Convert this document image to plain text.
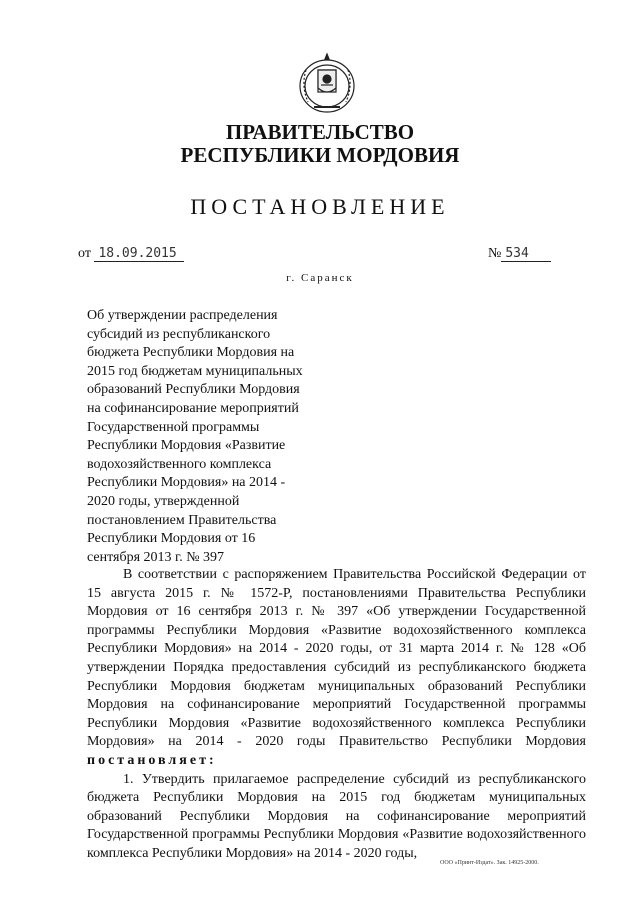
ПРАВИТЕЛЬСТВО
РЕСПУБЛИКИ МОРДОВИЯ
ПОСТАНОВЛЕНИЕ
от 18.09.2015	№ 534
г. Саранск
Об утверждении распределения
субсидий из республиканского
бюджета Республики Мордовия на
2015 год бюджетам муниципальных
образований Республики Мордовия
на софинансирование мероприятий
Государственной программы
Республики Мордовия «Развитие
водохозяйственного комплекса
Республики Мордовия» на 2014 -
2020 годы, утвержденной
постановлением Правительства
Республики Мордовия от 16
сентября 2013 г. № 397
В соответствии с распоряжением Правительства Российской Федерации от 15 августа 2015 г. № 1572-Р, постановлениями Правительства Республики Мордовия от 16 сентября 2013 г. № 397 «Об утверждении Государственной программы Республики Мордовия «Развитие водохозяйственного комплекса Республики Мордовия» на 2014 - 2020 годы, от 31 марта 2014 г. № 128 «Об утверждении Порядка предоставления субсидий из республиканского бюджета Республики Мордовия бюджетам муниципальных образований Республики Мордовия на софинансирование мероприятий Государственной программы Республики Мордовия «Развитие водохозяйственного комплекса Республики Мордовия» на 2014 - 2020 годы Правительство Республики Мордовия постановляет:
1. Утвердить прилагаемое распределение субсидий из республиканского бюджета Республики Мордовия на 2015 год бюджетам муниципальных образований Республики Мордовия на софинансирование мероприятий Государственной программы Республики Мордовия «Развитие водохозяйственного комплекса Республики Мордовия» на 2014 - 2020 годы,
ООО «Принт-Издат». Зак. 14925-2000.
